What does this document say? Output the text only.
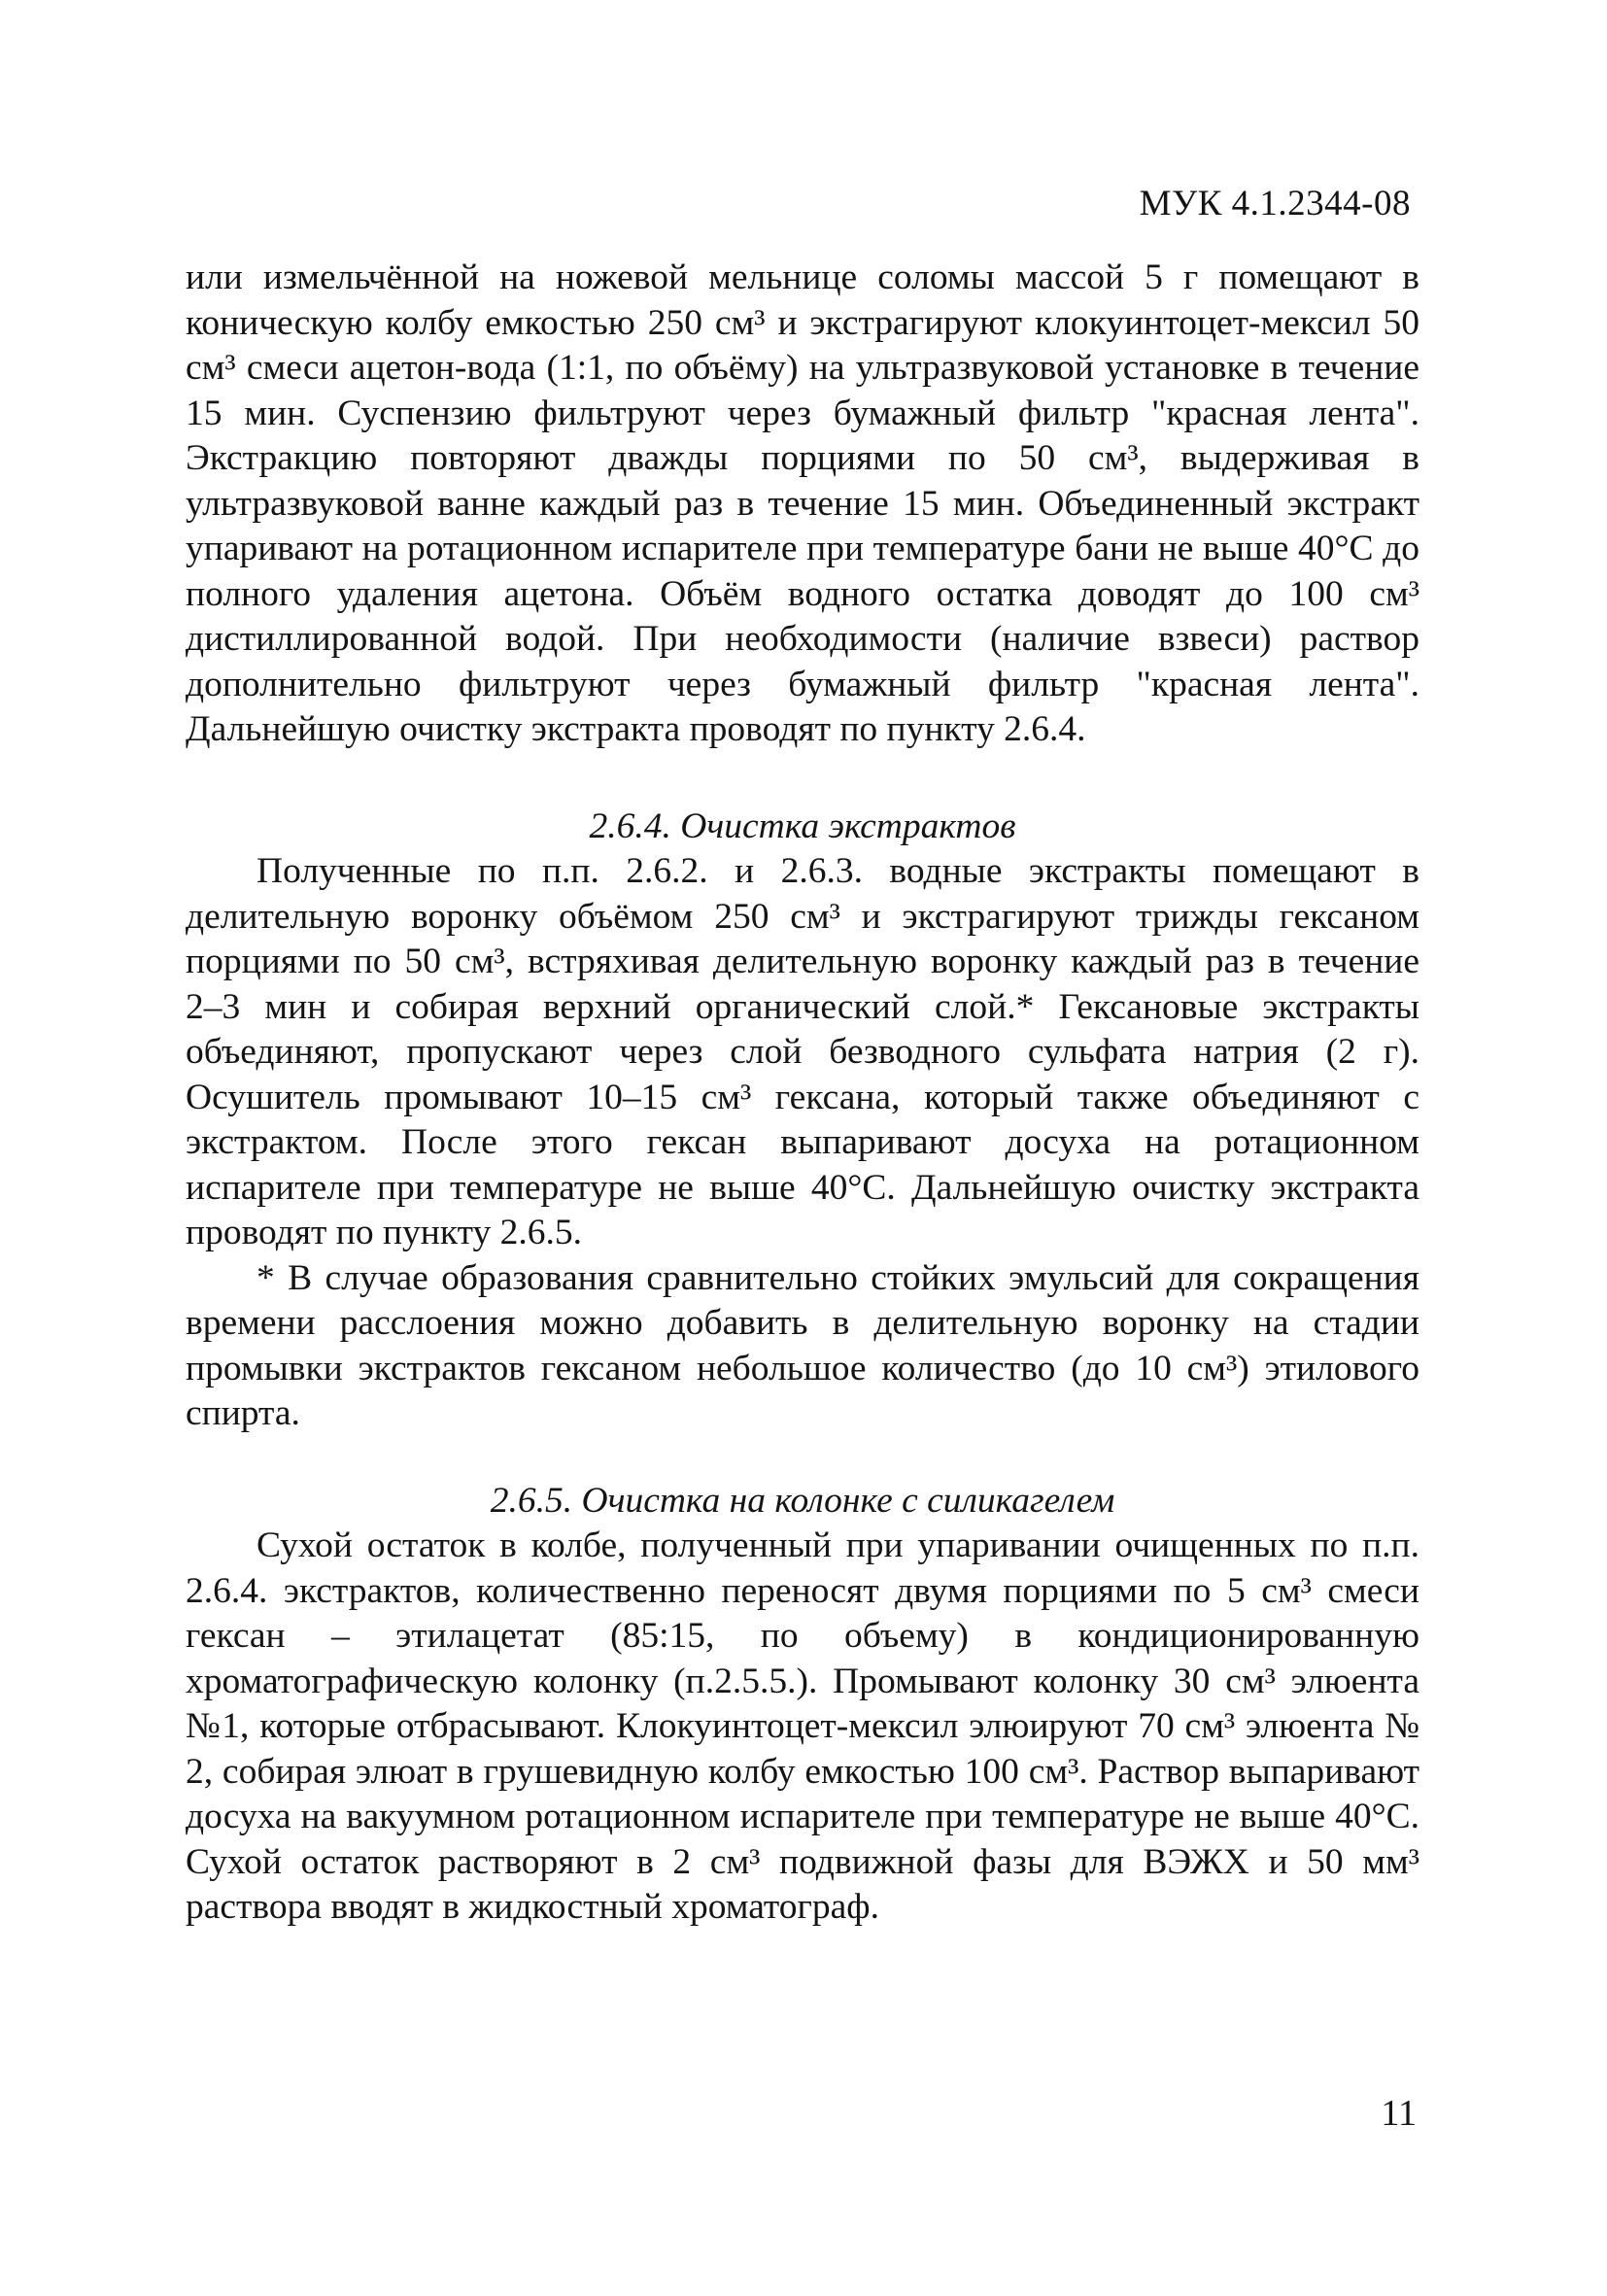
МУК 4.1.2344-08

или измельчённой на ножевой мельнице соломы массой 5 г помещают в коническую колбу емкостью 250 см³ и экстрагируют клокуинтоцет-мексил 50 см³ смеси ацетон-вода (1:1, по объёму) на ультразвуковой установке в течение 15 мин. Суспензию фильтруют через бумажный фильтр "красная лента". Экстракцию повторяют дважды порциями по 50 см³, выдерживая в ультразвуковой ванне каждый раз в течение 15 мин. Объединенный экстракт упаривают на ротационном испарителе при температуре бани не выше 40°С до полного удаления ацетона. Объём водного остатка доводят до 100 см³ дистиллированной водой. При необходимости (наличие взвеси) раствор дополнительно фильтруют через бумажный фильтр "красная лента". Дальнейшую очистку экстракта проводят по пункту 2.6.4.

2.6.4. Очистка экстрактов

Полученные по п.п. 2.6.2. и 2.6.3. водные экстракты помещают в делительную воронку объёмом 250 см³ и экстрагируют трижды гексаном порциями по 50 см³, встряхивая делительную воронку каждый раз в течение 2–3 мин и собирая верхний органический слой.* Гексановые экстракты объединяют, пропускают через слой безводного сульфата натрия (2 г). Осушитель промывают 10–15 см³ гексана, который также объединяют с экстрактом. После этого гексан выпаривают досуха на ротационном испарителе при температуре не выше 40°С. Дальнейшую очистку экстракта проводят по пункту 2.6.5.

* В случае образования сравнительно стойких эмульсий для сокращения времени расслоения можно добавить в делительную воронку на стадии промывки экстрактов гексаном небольшое количество (до 10 см³) этилового спирта.

2.6.5. Очистка на колонке с силикагелем

Сухой остаток в колбе, полученный при упаривании очищенных по п.п. 2.6.4. экстрактов, количественно переносят двумя порциями по 5 см³ смеси гексан – этилацетат (85:15, по объему) в кондиционированную хроматографическую колонку (п.2.5.5.). Промывают колонку 30 см³ элюента №1, которые отбрасывают. Клокуинтоцет-мексил элюируют 70 см³ элюента № 2, собирая элюат в грушевидную колбу емкостью 100 см³. Раствор выпаривают досуха на вакуумном ротационном испарителе при температуре не выше 40°С. Сухой остаток растворяют в 2 см³ подвижной фазы для ВЭЖХ и 50 мм³ раствора вводят в жидкостный хроматограф.

11
